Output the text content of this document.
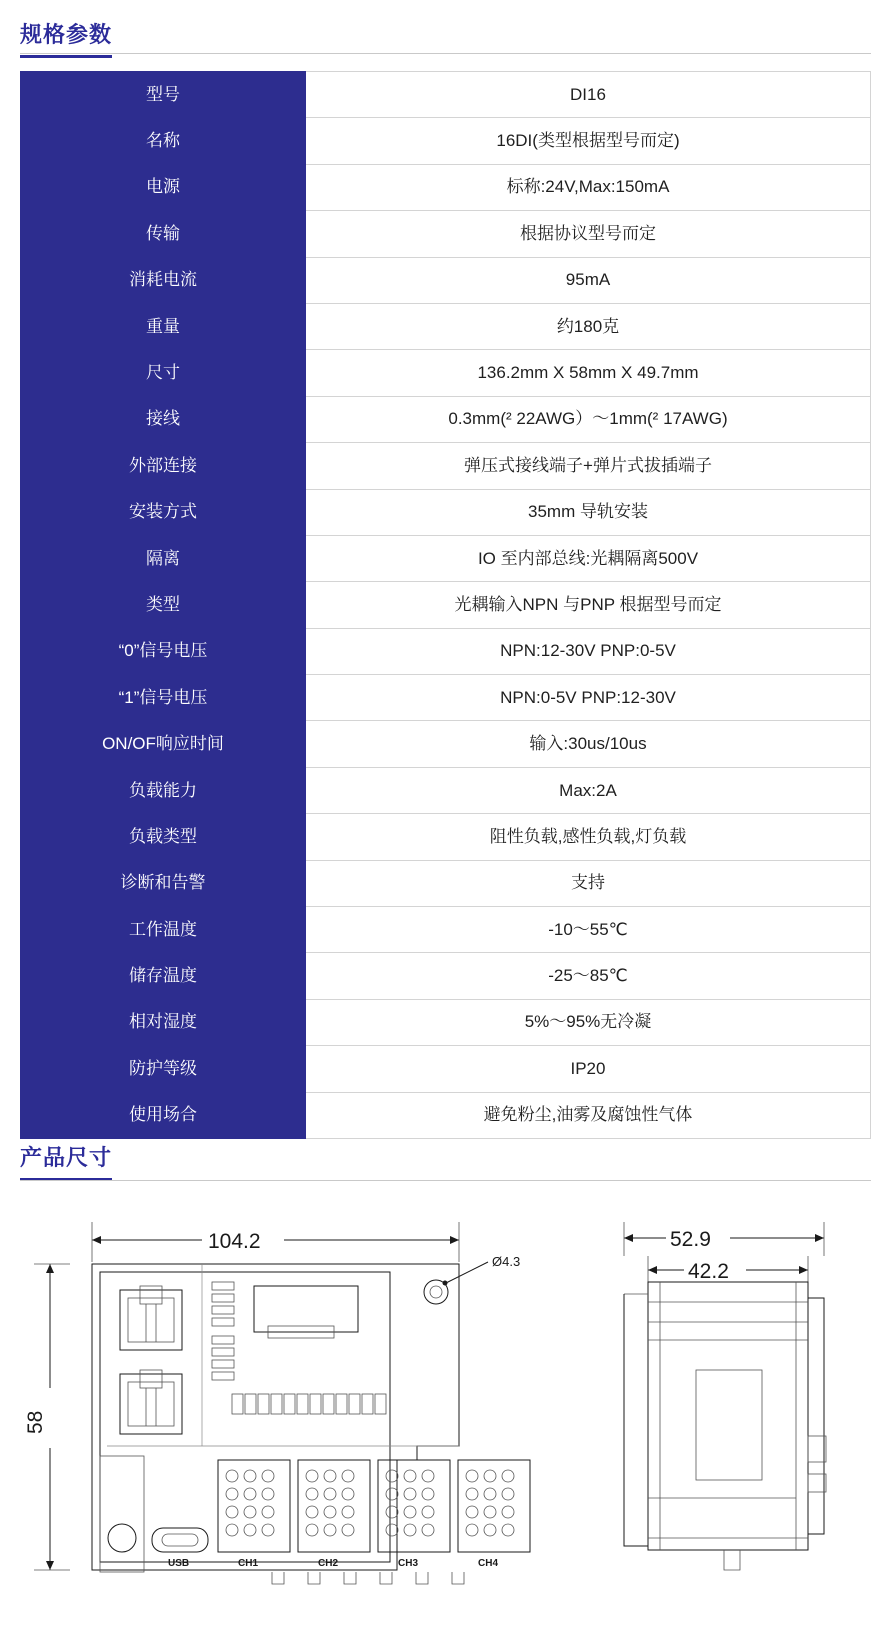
规格参数
型号	DI16
名称	16DI(类型根据型号而定)
电源	标称:24V,Max:150mA
传输	根据协议型号而定
消耗电流	95mA
重量	约180克
尺寸	136.2mm X 58mm X 49.7mm
接线	0.3mm(² 22AWG）～1mm(² 17AWG)
外部连接	弹压式接线端子+弹片式拔插端子
安装方式	35mm 导轨安装
隔离	IO 至内部总线:光耦隔离500V
类型	光耦输入NPN 与PNP 根据型号而定
“0”信号电压	NPN:12-30V PNP:0-5V
“1”信号电压	NPN:0-5V PNP:12-30V
ON/OF响应时间	输入:30us/10us
负载能力	Max:2A
负载类型	阻性负载,感性负载,灯负载
诊断和告警	支持
工作温度	-10～55℃
储存温度	-25～85℃
相对湿度	5%～95%无冷凝
防护等级	IP20
使用场合	避免粉尘,油雾及腐蚀性气体
产品尺寸
104.2
58
Ø4.3
USB	CH1	CH2	CH3	CH4
52.9
42.2
